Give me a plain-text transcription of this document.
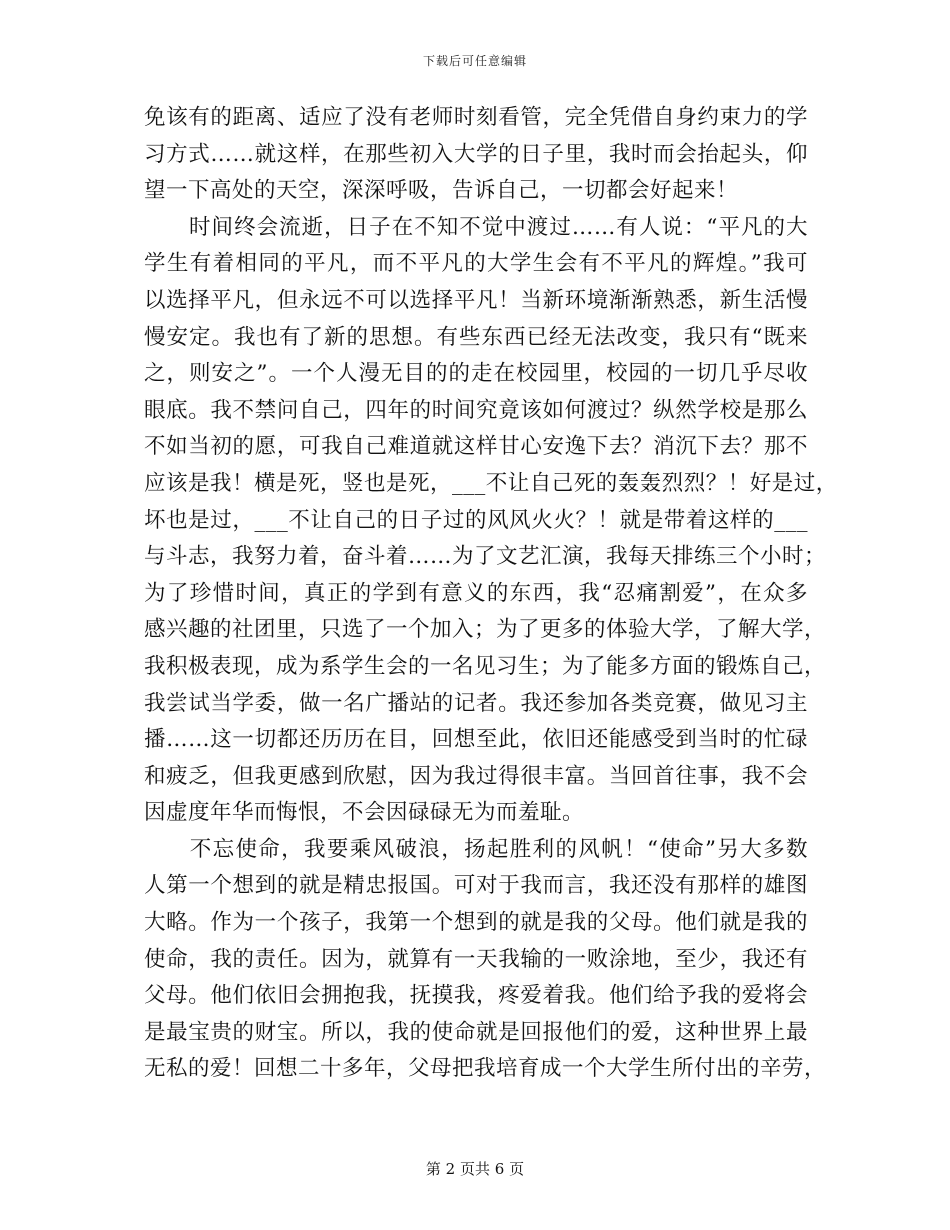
下载后可任意编辑
免该有的距离、适应了没有老师时刻看管，完全凭借自身约束力的学
习方式……就这样，在那些初入大学的日子里，我时而会抬起头，仰
望一下高处的天空，深深呼吸，告诉自己，一切都会好起来！
　　时间终会流逝，日子在不知不觉中渡过……有人说：“平凡的大
学生有着相同的平凡，而不平凡的大学生会有不平凡的辉煌。”我可
以选择平凡，但永远不可以选择平凡！当新环境渐渐熟悉，新生活慢
慢安定。我也有了新的思想。有些东西已经无法改变，我只有“既来
之，则安之”。一个人漫无目的的走在校园里，校园的一切几乎尽收
眼底。我不禁问自己，四年的时间究竟该如何渡过？纵然学校是那么
不如当初的愿，可我自己难道就这样甘心安逸下去？消沉下去？那不
应该是我！横是死，竖也是死，___不让自己死的轰轰烈烈？！好是过，
坏也是过，___不让自己的日子过的风风火火？！就是带着这样的___
与斗志，我努力着，奋斗着……为了文艺汇演，我每天排练三个小时；
为了珍惜时间，真正的学到有意义的东西，我“忍痛割爱”，在众多
感兴趣的社团里，只选了一个加入；为了更多的体验大学，了解大学，
我积极表现，成为系学生会的一名见习生；为了能多方面的锻炼自己，
我尝试当学委，做一名广播站的记者。我还参加各类竞赛，做见习主
播……这一切都还历历在目，回想至此，依旧还能感受到当时的忙碌
和疲乏，但我更感到欣慰，因为我过得很丰富。当回首往事，我不会
因虚度年华而悔恨，不会因碌碌无为而羞耻。
　　不忘使命，我要乘风破浪，扬起胜利的风帆！“使命”另大多数
人第一个想到的就是精忠报国。可对于我而言，我还没有那样的雄图
大略。作为一个孩子，我第一个想到的就是我的父母。他们就是我的
使命，我的责任。因为，就算有一天我输的一败涂地，至少，我还有
父母。他们依旧会拥抱我，抚摸我，疼爱着我。他们给予我的爱将会
是最宝贵的财宝。所以，我的使命就是回报他们的爱，这种世界上最
无私的爱！回想二十多年，父母把我培育成一个大学生所付出的辛劳，
第 2 页共 6 页
